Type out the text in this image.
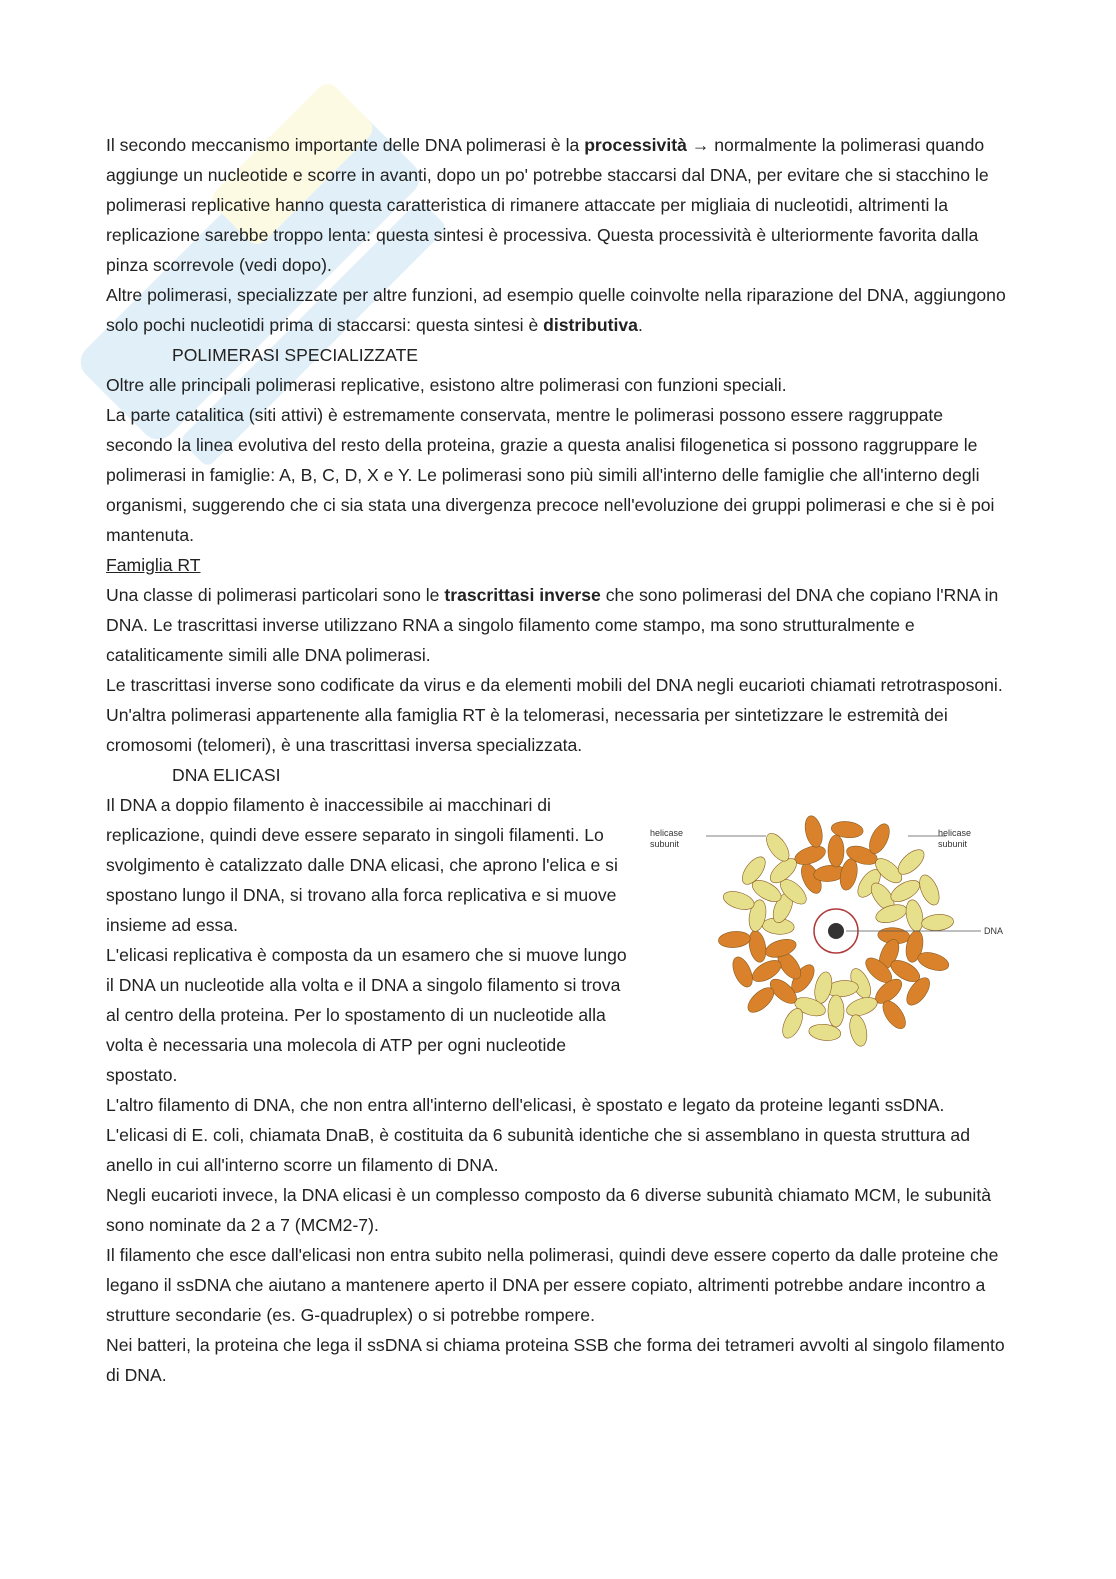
Il secondo meccanismo importante delle DNA polimerasi è la processività → normalmente la polimerasi quando aggiunge un nucleotide e scorre in avanti, dopo un po' potrebbe staccarsi dal DNA, per evitare che si stacchino le polimerasi replicative hanno questa caratteristica di rimanere attaccate per migliaia di nucleotidi, altrimenti la replicazione sarebbe troppo lenta: questa sintesi è processiva. Questa processività è ulteriormente favorita dalla pinza scorrevole (vedi dopo).

Altre polimerasi, specializzate per altre funzioni, ad esempio quelle coinvolte nella riparazione del DNA, aggiungono solo pochi nucleotidi prima di staccarsi: questa sintesi è distributiva.

POLIMERASI SPECIALIZZATE

Oltre alle principali polimerasi replicative, esistono altre polimerasi con funzioni speciali.

La parte catalitica (siti attivi) è estremamente conservata, mentre le polimerasi possono essere raggruppate secondo la linea evolutiva del resto della proteina, grazie a questa analisi filogenetica si possono raggruppare le polimerasi in famiglie: A, B, C, D, X e Y. Le polimerasi sono più simili all'interno delle famiglie che all'interno degli organismi, suggerendo che ci sia stata una divergenza precoce nell'evoluzione dei gruppi polimerasi e che si è poi mantenuta.

Famiglia RT

Una classe di polimerasi particolari sono le trascrittasi inverse che sono polimerasi del DNA che copiano l'RNA in DNA. Le trascrittasi inverse utilizzano RNA a singolo filamento come stampo, ma sono strutturalmente e cataliticamente simili alle DNA polimerasi.

Le trascrittasi inverse sono codificate da virus e da elementi mobili del DNA negli eucarioti chiamati retrotrasposoni.

Un'altra polimerasi appartenente alla famiglia RT è la telomerasi, necessaria per sintetizzare le estremità dei cromosomi (telomeri), è una trascrittasi inversa specializzata.

DNA ELICASI

Il DNA a doppio filamento è inaccessibile ai macchinari di replicazione, quindi deve essere separato in singoli filamenti. Lo svolgimento è catalizzato dalle DNA elicasi, che aprono l'elica e si spostano lungo il DNA, si trovano alla forca replicativa e si muove insieme ad essa.

L'elicasi replicativa è composta da un esamero che si muove lungo il DNA un nucleotide alla volta e il DNA a singolo filamento si trova al centro della proteina. Per lo spostamento di un nucleotide alla volta è necessaria una molecola di ATP per ogni nucleotide spostato.

helicase
subunit
helicase
subunit
DNA

L'altro filamento di DNA, che non entra all'interno dell'elicasi, è spostato e legato da proteine leganti ssDNA.

L'elicasi di E. coli, chiamata DnaB, è costituita da 6 subunità identiche che si assemblano in questa struttura ad anello in cui all'interno scorre un filamento di DNA.

Negli eucarioti invece, la DNA elicasi è un complesso composto da 6 diverse subunità chiamato MCM, le subunità sono nominate da 2 a 7 (MCM2-7).

Il filamento che esce dall'elicasi non entra subito nella polimerasi, quindi deve essere coperto da dalle proteine che legano il ssDNA che aiutano a mantenere aperto il DNA per essere copiato, altrimenti potrebbe andare incontro a strutture secondarie (es. G-quadruplex) o si potrebbe rompere.

Nei batteri, la proteina che lega il ssDNA si chiama proteina SSB che forma dei tetrameri avvolti al singolo filamento di DNA.
